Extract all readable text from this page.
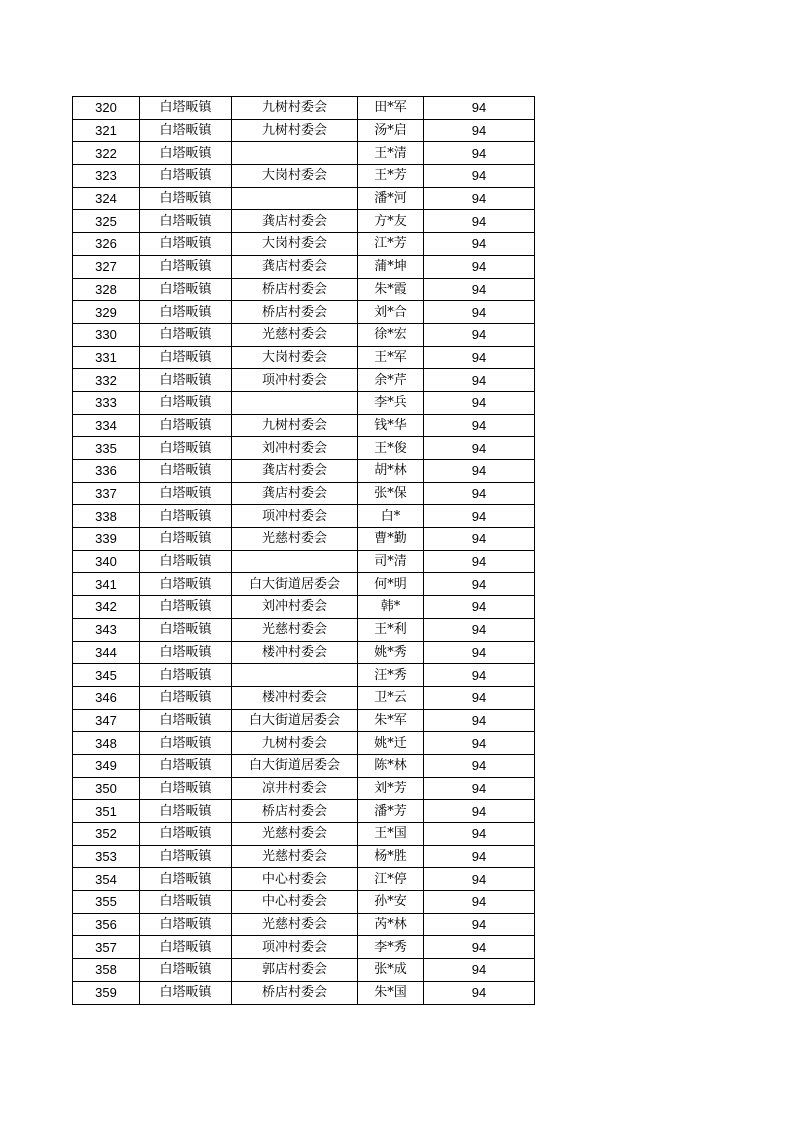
320	白塔畈镇	九树村委会	田*军	94
321	白塔畈镇	九树村委会	汤*启	94
322	白塔畈镇		王*清	94
323	白塔畈镇	大岗村委会	王*芳	94
324	白塔畈镇		潘*河	94
325	白塔畈镇	龚店村委会	方*友	94
326	白塔畈镇	大岗村委会	江*芳	94
327	白塔畈镇	龚店村委会	蒲*坤	94
328	白塔畈镇	桥店村委会	朱*霞	94
329	白塔畈镇	桥店村委会	刘*合	94
330	白塔畈镇	光慈村委会	徐*宏	94
331	白塔畈镇	大岗村委会	王*军	94
332	白塔畈镇	项冲村委会	余*芹	94
333	白塔畈镇		李*兵	94
334	白塔畈镇	九树村委会	钱*华	94
335	白塔畈镇	刘冲村委会	王*俊	94
336	白塔畈镇	龚店村委会	胡*林	94
337	白塔畈镇	龚店村委会	张*保	94
338	白塔畈镇	项冲村委会	白*	94
339	白塔畈镇	光慈村委会	曹*勤	94
340	白塔畈镇		司*清	94
341	白塔畈镇	白大街道居委会	何*明	94
342	白塔畈镇	刘冲村委会	韩*	94
343	白塔畈镇	光慈村委会	王*利	94
344	白塔畈镇	楼冲村委会	姚*秀	94
345	白塔畈镇		汪*秀	94
346	白塔畈镇	楼冲村委会	卫*云	94
347	白塔畈镇	白大街道居委会	朱*军	94
348	白塔畈镇	九树村委会	姚*迁	94
349	白塔畈镇	白大街道居委会	陈*林	94
350	白塔畈镇	凉井村委会	刘*芳	94
351	白塔畈镇	桥店村委会	潘*芳	94
352	白塔畈镇	光慈村委会	王*国	94
353	白塔畈镇	光慈村委会	杨*胜	94
354	白塔畈镇	中心村委会	江*停	94
355	白塔畈镇	中心村委会	孙*安	94
356	白塔畈镇	光慈村委会	芮*林	94
357	白塔畈镇	项冲村委会	李*秀	94
358	白塔畈镇	郭店村委会	张*成	94
359	白塔畈镇	桥店村委会	朱*国	94
